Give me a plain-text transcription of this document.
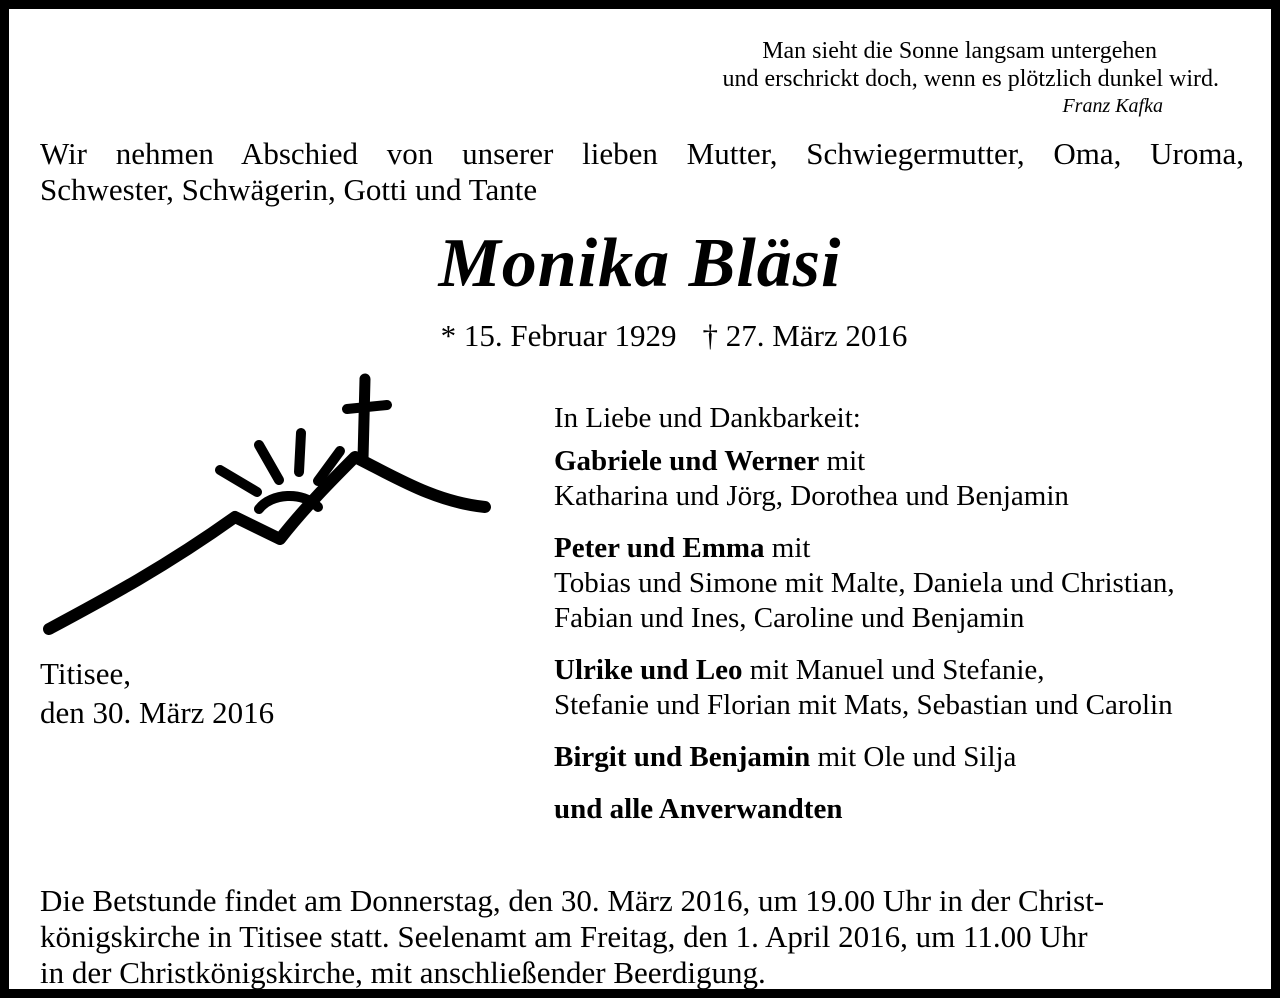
Man sieht die Sonne langsam untergehen
und erschrickt doch, wenn es plötzlich dunkel wird.
Franz Kafka
Wir nehmen Abschied von unserer lieben Mutter, Schwiegermutter, Oma, Uroma,
Schwester, Schwägerin, Gotti und Tante
Monika Bläsi
* 15. Februar 1929 † 27. März 2016
Titisee,
den 30. März 2016
In Liebe und Dankbarkeit:
Gabriele und Werner mit
Katharina und Jörg, Dorothea und Benjamin
Peter und Emma mit
Tobias und Simone mit Malte, Daniela und Christian,
Fabian und Ines, Caroline und Benjamin
Ulrike und Leo mit Manuel und Stefanie,
Stefanie und Florian mit Mats, Sebastian und Carolin
Birgit und Benjamin mit Ole und Silja
und alle Anverwandten
Die Betstunde findet am Donnerstag, den 30. März 2016, um 19.00 Uhr in der Christ-
königskirche in Titisee statt. Seelenamt am Freitag, den 1. April 2016, um 11.00 Uhr
in der Christkönigskirche, mit anschließender Beerdigung.
